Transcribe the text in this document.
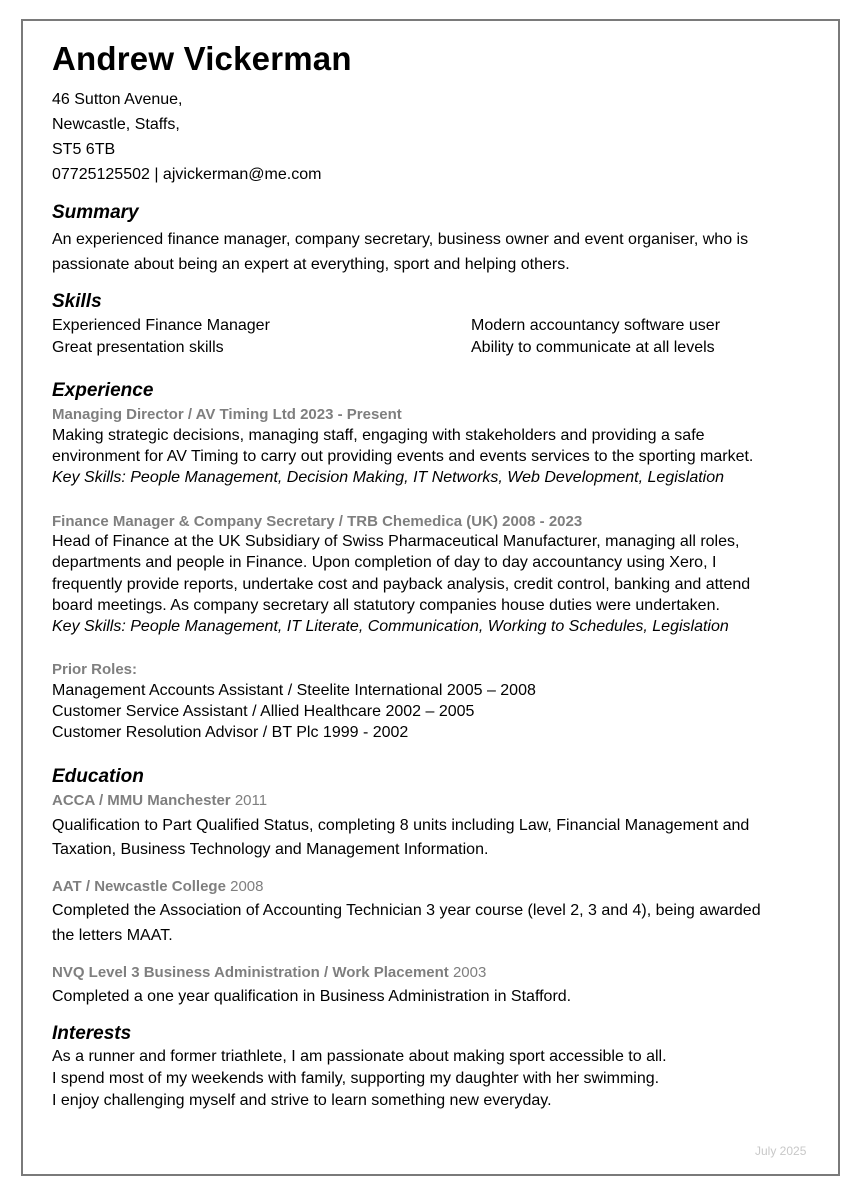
Andrew Vickerman
46 Sutton Avenue,
Newcastle, Staffs,
ST5 6TB
07725125502 | ajvickerman@me.com
Summary
An experienced finance manager, company secretary, business owner and event organiser, who is
passionate about being an expert at everything, sport and helping others.
Skills
Experienced Finance Manager	Modern accountancy software user
Great presentation skills	Ability to communicate at all levels
Experience
Managing Director / AV Timing Ltd 2023 - Present
Making strategic decisions, managing staff, engaging with stakeholders and providing a safe
environment for AV Timing to carry out providing events and events services to the sporting market.
Key Skills: People Management, Decision Making, IT Networks, Web Development, Legislation
Finance Manager & Company Secretary / TRB Chemedica (UK) 2008 - 2023
Head of Finance at the UK Subsidiary of Swiss Pharmaceutical Manufacturer, managing all roles,
departments and people in Finance. Upon completion of day to day accountancy using Xero, I
frequently provide reports, undertake cost and payback analysis, credit control, banking and attend
board meetings. As company secretary all statutory companies house duties were undertaken.
Key Skills: People Management, IT Literate, Communication, Working to Schedules, Legislation
Prior Roles:
Management Accounts Assistant / Steelite International 2005 – 2008
Customer Service Assistant / Allied Healthcare 2002 – 2005
Customer Resolution Advisor / BT Plc 1999 - 2002
Education
ACCA / MMU Manchester 2011
Qualification to Part Qualified Status, completing 8 units including Law, Financial Management and
Taxation, Business Technology and Management Information.
AAT / Newcastle College 2008
Completed the Association of Accounting Technician 3 year course (level 2, 3 and 4), being awarded
the letters MAAT.
NVQ Level 3 Business Administration / Work Placement 2003
Completed a one year qualification in Business Administration in Stafford.
Interests
As a runner and former triathlete, I am passionate about making sport accessible to all.
I spend most of my weekends with family, supporting my daughter with her swimming.
I enjoy challenging myself and strive to learn something new everyday.
July 2025
